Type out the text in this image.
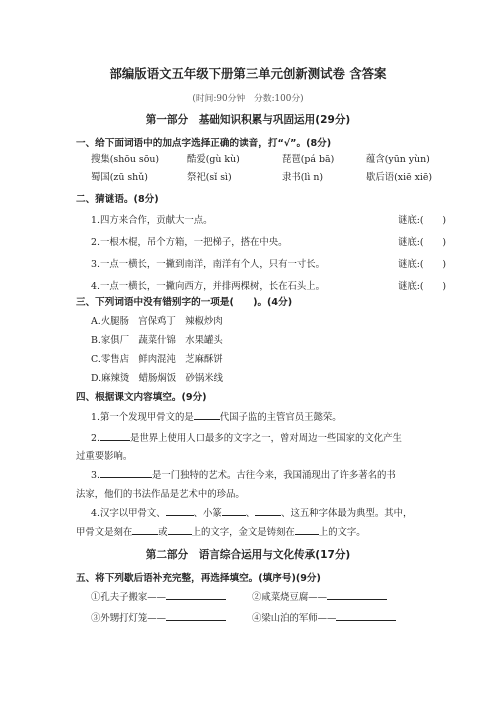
部编版语文五年级下册第三单元创新测试卷 含答案
(时间:90分钟　分数:100分)
第一部分　基础知识积累与巩固运用(29分)
一、给下面词语中的加点字选择正确的读音，打“√”。(8分)
搜集(shōu sōu)	酷爱(gù kù)	琵琶(pá bā)	蕴含(yūn yùn)
蜀国(zū shǔ)	祭祀(sǐ sì)	隶书(lì n)	歇后语(xiē xiē)
二、猜谜语。(8分)
1.四方来合作，贡献大一点。	谜底:(　　)
2.一根木棍，吊个方箱，一把梯子，搭在中央。	谜底:(　　)
3.一点一横长，一撇到南洋，南洋有个人，只有一寸长。	谜底:(　　)
4.一点一横长，一撇向西方，并排两棵树，长在石头上。	谜底:(　　)
三、下列词语中没有错别字的一项是(　　)。(4分)
A.火腿肠　宫保鸡丁　辣椒炒肉
B.家俱厂　蔬菜什锦　水果罐头
C.零售店　鲜肉混沌　芝麻酥饼
D.麻辣烫　蜡肠焖饭　砂锅米线
四、根据课文内容填空。(9分)
1.第一个发现甲骨文的是	代国子监的主管官员王懿荣。
2.	是世界上使用人口最多的文字之一，曾对周边一些国家的文化产生
过重要影响。
3.	是一门独特的艺术。古往今来，我国涌现出了许多著名的书
法家，他们的书法作品是艺术中的珍品。
4.汉字以甲骨文、	、小篆	、	、这五种字体最为典型。其中，
甲骨文是刻在	或	上的文字，金文是铸刻在	上的文字。
第二部分　语言综合运用与文化传承(17分)
五、将下列歇后语补充完整，再选择填空。(填序号)(9分)
①孔夫子搬家——	②咸菜烧豆腐——
③外甥打灯笼——	④梁山泊的军师——
